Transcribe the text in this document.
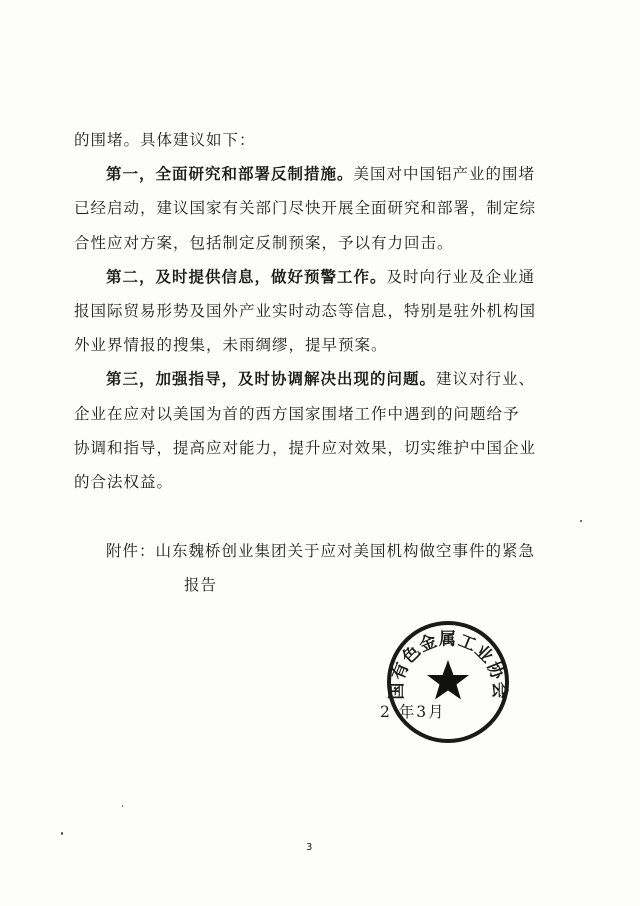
的围堵。具体建议如下：
第一，全面研究和部署反制措施。美国对中国铝产业的围堵
已经启动，建议国家有关部门尽快开展全面研究和部署，制定综
合性应对方案，包括制定反制预案，予以有力回击。
第二，及时提供信息，做好预警工作。及时向行业及企业通
报国际贸易形势及国外产业实时动态等信息，特别是驻外机构国
外业界情报的搜集，未雨绸缪，提早预案。
第三，加强指导，及时协调解决出现的问题。建议对行业、
企业在应对以美国为首的西方国家围堵工作中遇到的问题给予
协调和指导，提高应对能力，提升应对效果，切实维护中国企业
的合法权益。
附件：山东魏桥创业集团关于应对美国机构做空事件的紧急
报告
国有色金属工业协会
2 年3月
3
